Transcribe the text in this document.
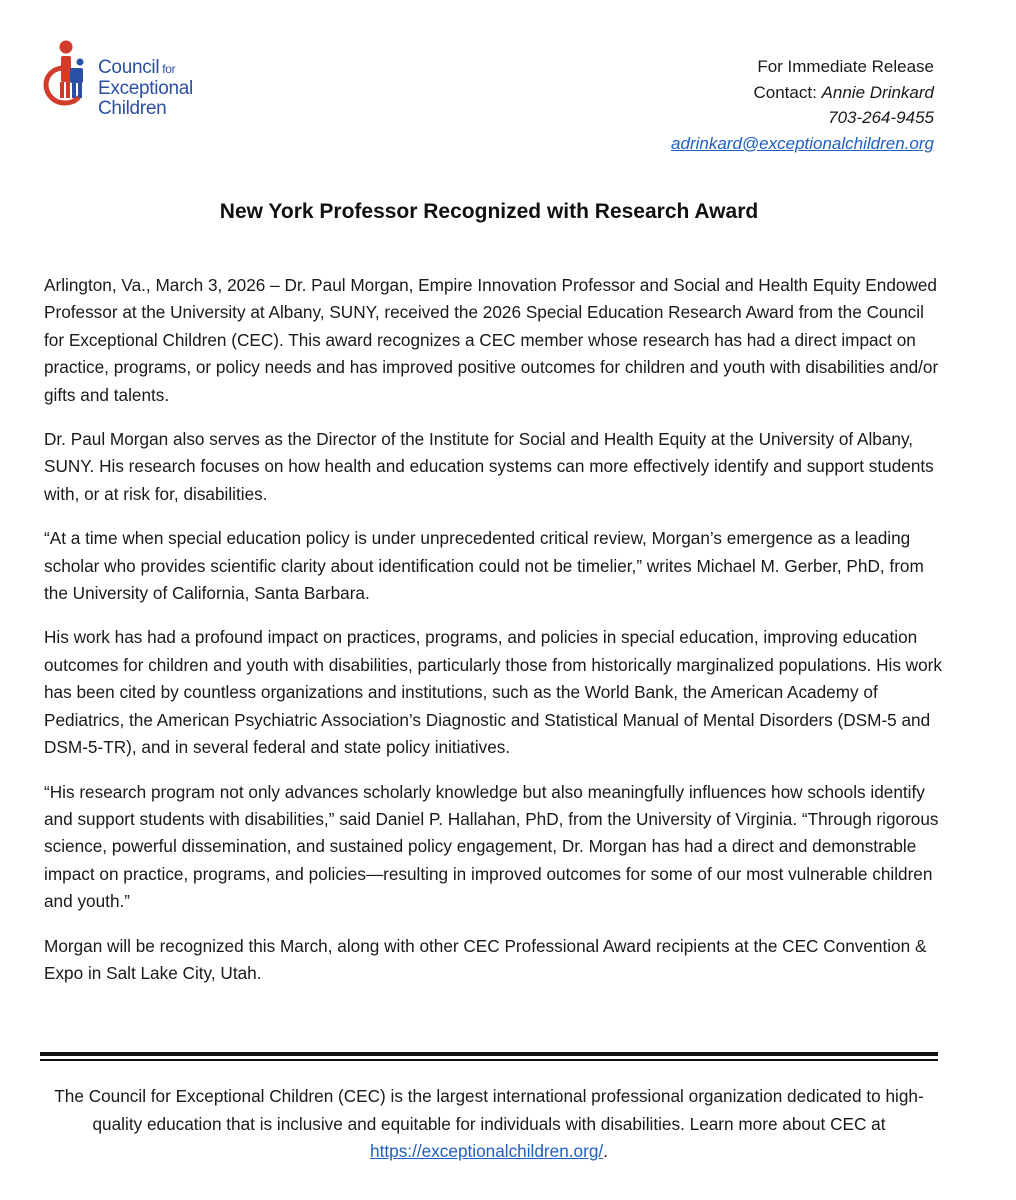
Council for
Exceptional
Children
For Immediate Release
Contact: Annie Drinkard
703-264-9455
adrinkard@exceptionalchildren.org
New York Professor Recognized with Research Award

Arlington, Va., March 3, 2026 – Dr. Paul Morgan, Empire Innovation Professor and Social and Health Equity Endowed Professor at the University at Albany, SUNY, received the 2026 Special Education Research Award from the Council for Exceptional Children (CEC). This award recognizes a CEC member whose research has had a direct impact on practice, programs, or policy needs and has improved positive outcomes for children and youth with disabilities and/or gifts and talents.

Dr. Paul Morgan also serves as the Director of the Institute for Social and Health Equity at the University of Albany, SUNY. His research focuses on how health and education systems can more effectively identify and support students with, or at risk for, disabilities.

“At a time when special education policy is under unprecedented critical review, Morgan’s emergence as a leading scholar who provides scientific clarity about identification could not be timelier,” writes Michael M. Gerber, PhD, from the University of California, Santa Barbara.

His work has had a profound impact on practices, programs, and policies in special education, improving education outcomes for children and youth with disabilities, particularly those from historically marginalized populations. His work has been cited by countless organizations and institutions, such as the World Bank, the American Academy of Pediatrics, the American Psychiatric Association’s Diagnostic and Statistical Manual of Mental Disorders (DSM-5 and DSM-5-TR), and in several federal and state policy initiatives.

“His research program not only advances scholarly knowledge but also meaningfully influences how schools identify and support students with disabilities,” said Daniel P. Hallahan, PhD, from the University of Virginia. “Through rigorous science, powerful dissemination, and sustained policy engagement, Dr. Morgan has had a direct and demonstrable impact on practice, programs, and policies—resulting in improved outcomes for some of our most vulnerable children and youth.”

Morgan will be recognized this March, along with other CEC Professional Award recipients at the CEC Convention & Expo in Salt Lake City, Utah.

The Council for Exceptional Children (CEC) is the largest international professional organization dedicated to high-quality education that is inclusive and equitable for individuals with disabilities. Learn more about CEC at https://exceptionalchildren.org/.
